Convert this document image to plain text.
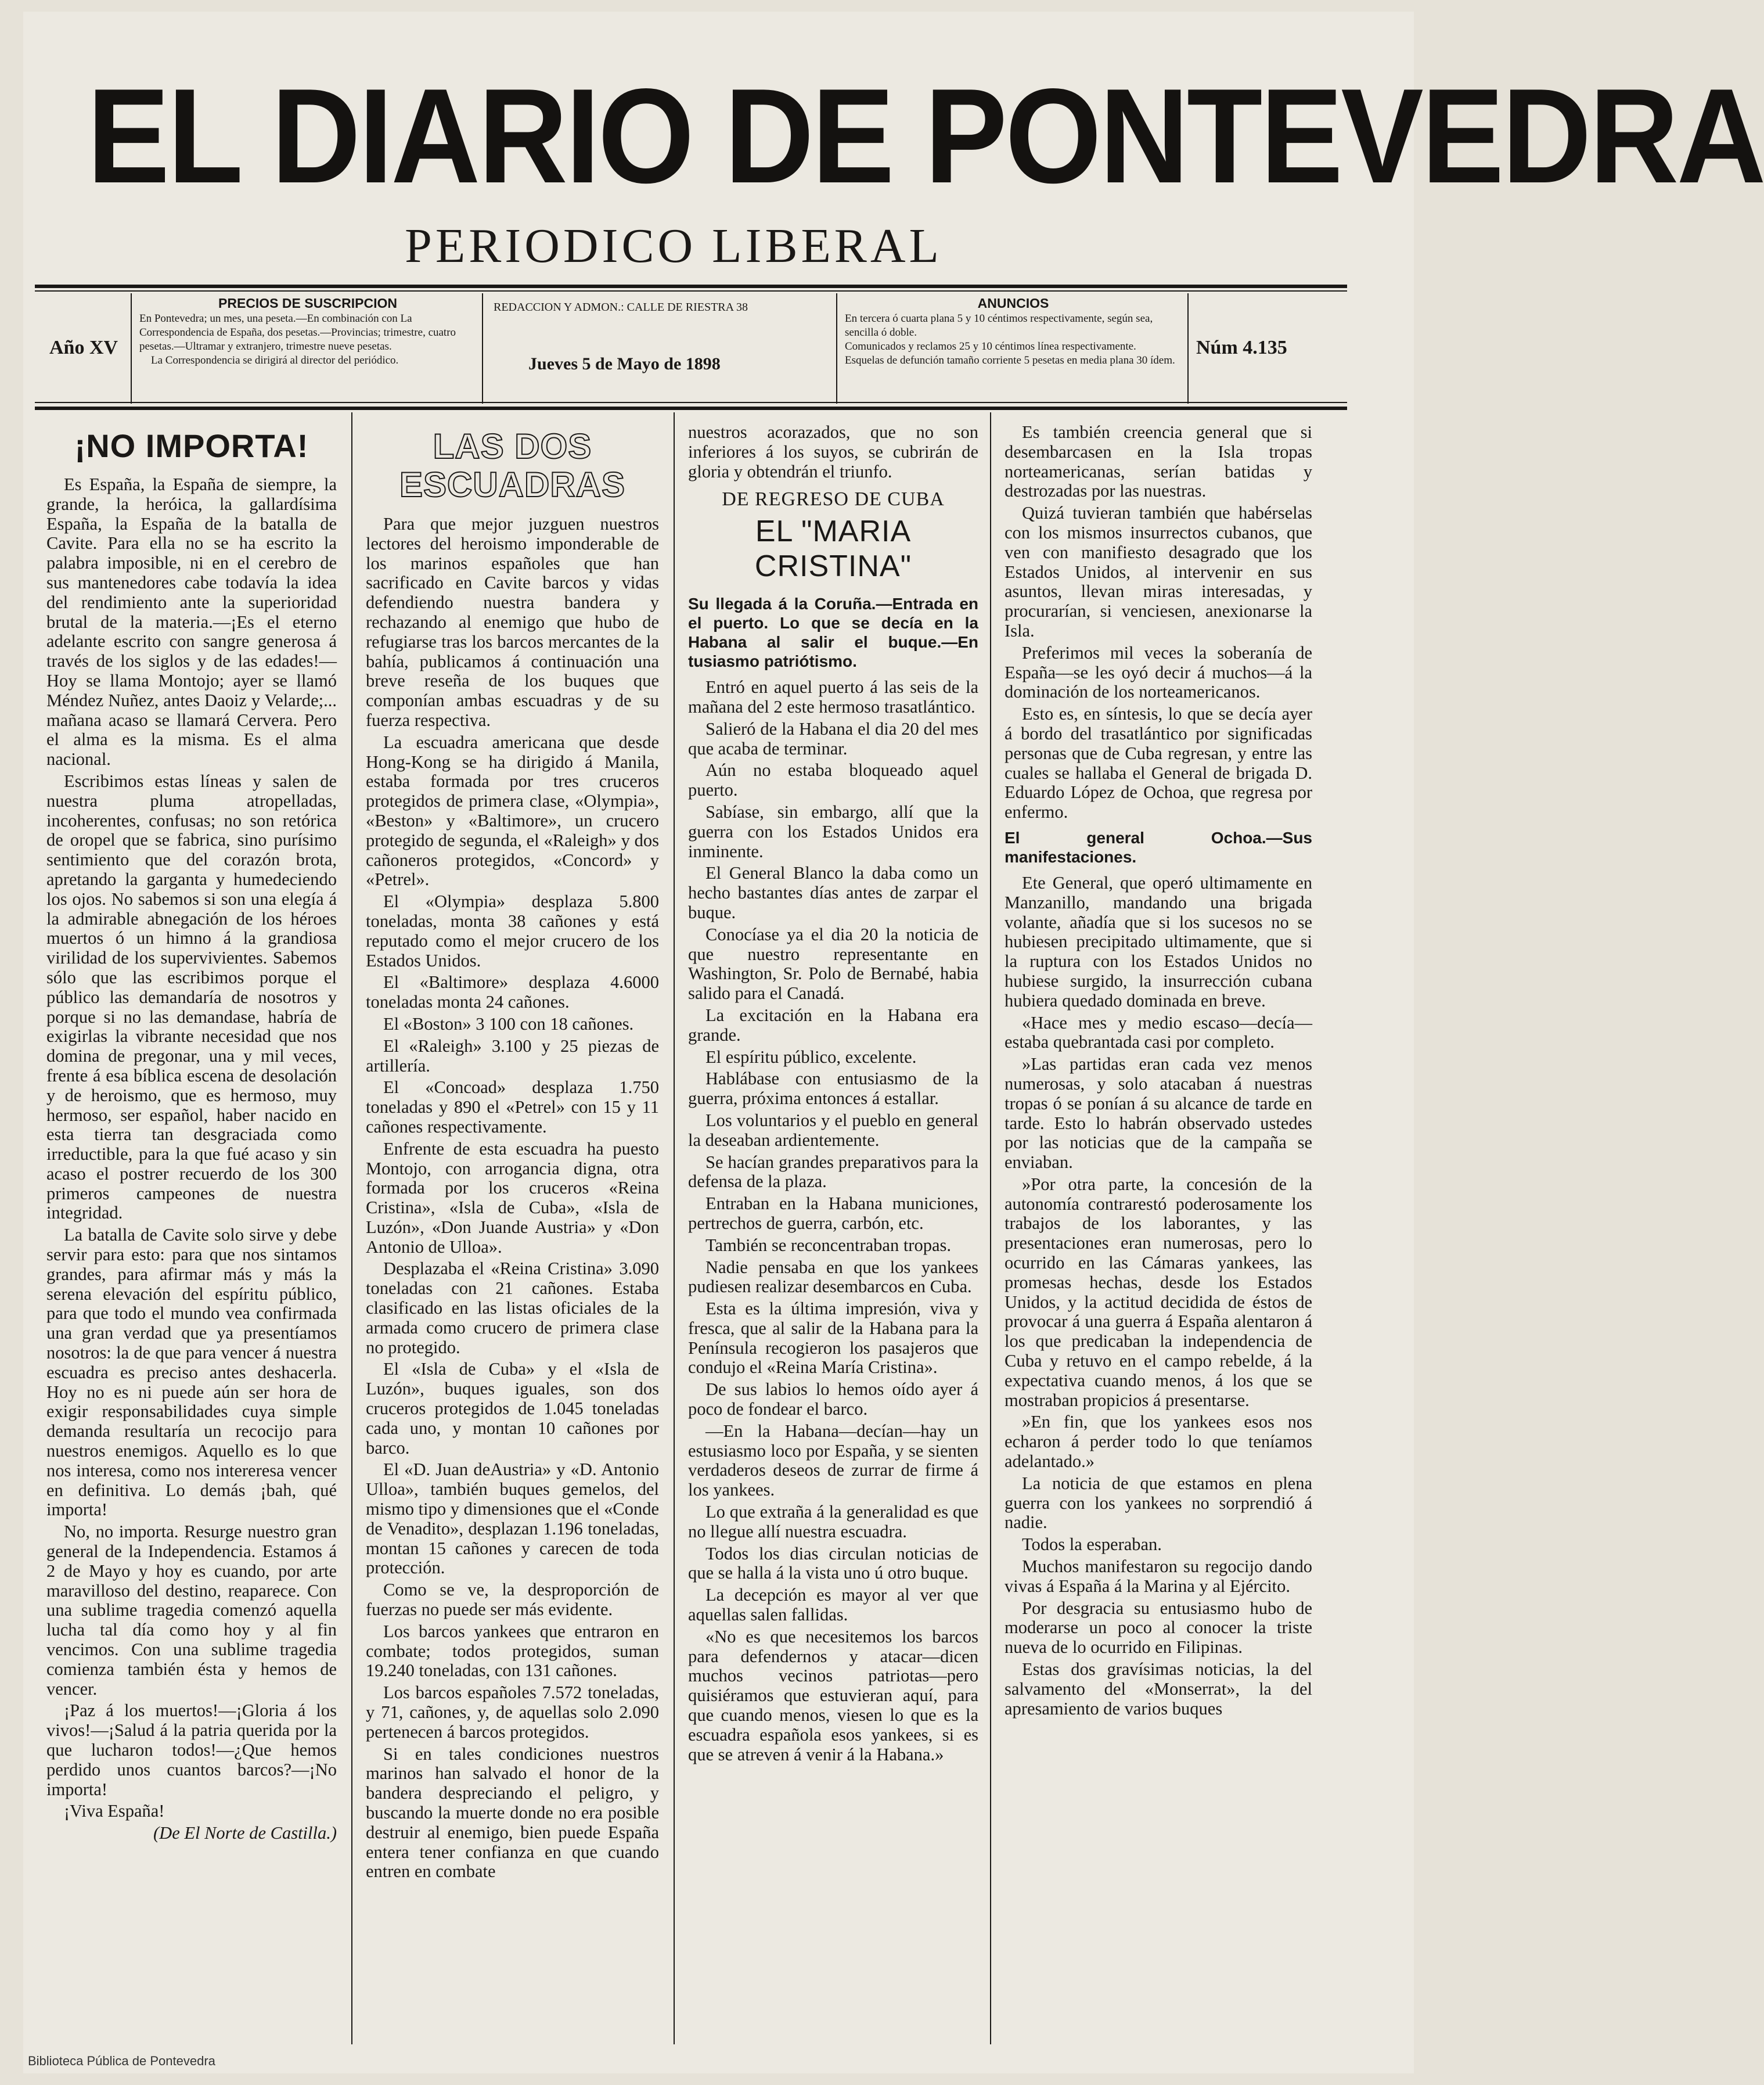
EL DIARIO DE PONTEVEDRA
PERIODICO LIBERAL
Año XV
PRECIOS DE SUSCRIPCION
En Pontevedra; un mes, una peseta.—En combinación con La Correspondencia de España, dos pesetas.—Provincias; trimestre, cuatro pesetas.—Ultramar y extranjero, trimestre nueve pesetas.
La Correspondencia se dirigirá al director del periódico.
REDACCION Y ADMON.: CALLE DE RIESTRA 38
Jueves 5 de Mayo de 1898
ANUNCIOS
En tercera ó cuarta plana 5 y 10 céntimos respectivamente, según sea, sencilla ó doble.
Comunicados y reclamos 25 y 10 céntimos línea respectivamente.
Esquelas de defunción tamaño corriente 5 pesetas en media plana 30 ídem.
Núm 4.135
¡NO IMPORTA!

Es España, la España de siempre, la grande, la heróica, la gallardísima España, la España de la batalla de Cavite. Para ella no se ha escrito la palabra imposible, ni en el cerebro de sus mantenedores cabe todavía la idea del rendimiento ante la superioridad brutal de la materia.—¡Es el eterno adelante escrito con sangre generosa á través de los siglos y de las edades!—Hoy se llama Montojo; ayer se llamó Méndez Nuñez, antes Daoiz y Velarde;... mañana acaso se llamará Cervera. Pero el alma es la misma. Es el alma nacional.

Escribimos estas líneas y salen de nuestra pluma atropelladas, incoherentes, confusas; no son retórica de oropel que se fabrica, sino purísimo sentimiento que del corazón brota, apretando la garganta y humedeciendo los ojos. No sabemos si son una elegía á la admirable abnegación de los héroes muertos ó un himno á la grandiosa virilidad de los supervivientes. Sabemos sólo que las escribimos porque el público las demandaría de nosotros y porque si no las demandase, habría de exigirlas la vibrante necesidad que nos domina de pregonar, una y mil veces, frente á esa bíblica escena de desolación y de heroismo, que es hermoso, muy hermoso, ser español, haber nacido en esta tierra tan desgraciada como irreductible, para la que fué acaso y sin acaso el postrer recuerdo de los 300 primeros campeones de nuestra integridad.

La batalla de Cavite solo sirve y debe servir para esto: para que nos sintamos grandes, para afirmar más y más la serena elevación del espíritu público, para que todo el mundo vea confirmada una gran verdad que ya presentíamos nosotros: la de que para vencer á nuestra escuadra es preciso antes deshacerla. Hoy no es ni puede aún ser hora de exigir responsabilidades cuya simple demanda resultaría un recocijo para nuestros enemigos. Aquello es lo que nos interesa, como nos intereresa vencer en definitiva. Lo demás ¡bah, qué importa!

No, no importa. Resurge nuestro gran general de la Independencia. Estamos á 2 de Mayo y hoy es cuando, por arte maravilloso del destino, reaparece. Con una sublime tragedia comenzó aquella lucha tal día como hoy y al fin vencimos. Con una sublime tragedia comienza también ésta y hemos de vencer.

¡Paz á los muertos!—¡Gloria á los vivos!—¡Salud á la patria querida por la que lucharon todos!—¿Que hemos perdido unos cuantos barcos?—¡No importa!

¡Viva España!

(De El Norte de Castilla.)
LAS DOS ESCUADRAS

Para que mejor juzguen nuestros lectores del heroismo imponderable de los marinos españoles que han sacrificado en Cavite barcos y vidas defendiendo nuestra bandera y rechazando al enemigo que hubo de refugiarse tras los barcos mercantes de la bahía, publicamos á continuación una breve reseña de los buques que componían ambas escuadras y de su fuerza respectiva.

La escuadra americana que desde Hong-Kong se ha dirigido á Manila, estaba formada por tres cruceros protegidos de primera clase, «Olympia», «Beston» y «Baltimore», un crucero protegido de segunda, el «Raleigh» y dos cañoneros protegidos, «Concord» y «Petrel».

El «Olympia» desplaza 5.800 toneladas, monta 38 cañones y está reputado como el mejor crucero de los Estados Unidos.

El «Baltimore» desplaza 4.6000 toneladas monta 24 cañones.

El «Boston» 3 100 con 18 cañones.

El «Raleigh» 3.100 y 25 piezas de artillería.

El «Concoad» desplaza 1.750 toneladas y 890 el «Petrel» con 15 y 11 cañones respectivamente.

Enfrente de esta escuadra ha puesto Montojo, con arrogancia digna, otra formada por los cruceros «Reina Cristina», «Isla de Cuba», «Isla de Luzón», «Don Juande Austria» y «Don Antonio de Ulloa».

Desplazaba el «Reina Cristina» 3.090 toneladas con 21 cañones. Estaba clasificado en las listas oficiales de la armada como crucero de primera clase no protegido.

El «Isla de Cuba» y el «Isla de Luzón», buques iguales, son dos cruceros protegidos de 1.045 toneladas cada uno, y montan 10 cañones por barco.

El «D. Juan deAustria» y «D. Antonio Ulloa», también buques gemelos, del mismo tipo y dimensiones que el «Conde de Venadito», desplazan 1.196 toneladas, montan 15 cañones y carecen de toda protección.

Como se ve, la desproporción de fuerzas no puede ser más evidente.

Los barcos yankees que entraron en combate; todos protegidos, suman 19.240 toneladas, con 131 cañones.

Los barcos españoles 7.572 toneladas, y 71, cañones, y, de aquellas solo 2.090 pertenecen á barcos protegidos.

Si en tales condiciones nuestros marinos han salvado el honor de la bandera despreciando el peligro, y buscando la muerte donde no era posible destruir al enemigo, bien puede España entera tener confianza en que cuando entren en combate

nuestros acorazados, que no son inferiores á los suyos, se cubrirán de gloria y obtendrán el triunfo.

DE REGRESO DE CUBA
EL "MARIA CRISTINA"
Su llegada á la Coruña.—Entrada en el puerto. Lo que se decía en la Habana al salir el buque.—En tusiasmo patriótismo.

Entró en aquel puerto á las seis de la mañana del 2 este hermoso trasatlántico.

Salieró de la Habana el dia 20 del mes que acaba de terminar.

Aún no estaba bloqueado aquel puerto.

Sabíase, sin embargo, allí que la guerra con los Estados Unidos era inminente.

El General Blanco la daba como un hecho bastantes días antes de zarpar el buque.

Conocíase ya el dia 20 la noticia de que nuestro representante en Washington, Sr. Polo de Bernabé, habia salido para el Canadá.

La excitación en la Habana era grande.

El espíritu público, excelente.

Hablábase con entusiasmo de la guerra, próxima entonces á estallar.

Los voluntarios y el pueblo en general la deseaban ardientemente.

Se hacían grandes preparativos para la defensa de la plaza.

Entraban en la Habana municiones, pertrechos de guerra, carbón, etc.

También se reconcentraban tropas.

Nadie pensaba en que los yankees pudiesen realizar desembarcos en Cuba.

Esta es la última impresión, viva y fresca, que al salir de la Habana para la Península recogieron los pasajeros que condujo el «Reina María Cristina».

De sus labios lo hemos oído ayer á poco de fondear el barco.

—En la Habana—decían—hay un estusiasmo loco por España, y se sienten verdaderos deseos de zurrar de firme á los yankees.

Lo que extraña á la generalidad es que no llegue allí nuestra escuadra.

Todos los dias circulan noticias de que se halla á la vista uno ú otro buque.

La decepción es mayor al ver que aquellas salen fallidas.

«No es que necesitemos los barcos para defendernos y atacar—dicen muchos vecinos patriotas—pero quisiéramos que estuvieran aquí, para que cuando menos, viesen lo que es la escuadra española esos yankees, si es que se atreven á venir á la Habana.»

Es también creencia general que si desembarcasen en la Isla tropas norteamericanas, serían batidas y destrozadas por las nuestras.

Quizá tuvieran también que habérselas con los mismos insurrectos cubanos, que ven con manifiesto desagrado que los Estados Unidos, al intervenir en sus asuntos, llevan miras interesadas, y procurarían, si venciesen, anexionarse la Isla.

Preferimos mil veces la soberanía de España—se les oyó decir á muchos—á la dominación de los norteamericanos.

Esto es, en síntesis, lo que se decía ayer á bordo del trasatlántico por significadas personas que de Cuba regresan, y entre las cuales se hallaba el General de brigada D. Eduardo López de Ochoa, que regresa por enfermo.

El general Ochoa.—Sus manifestaciones.

Ete General, que operó ultimamente en Manzanillo, mandando una brigada volante, añadía que si los sucesos no se hubiesen precipitado ultimamente, que si la ruptura con los Estados Unidos no hubiese surgido, la insurrección cubana hubiera quedado dominada en breve.

«Hace mes y medio escaso—decía—estaba quebrantada casi por completo.

»Las partidas eran cada vez menos numerosas, y solo atacaban á nuestras tropas ó se ponían á su alcance de tarde en tarde. Esto lo habrán observado ustedes por las noticias que de la campaña se enviaban.

»Por otra parte, la concesión de la autonomía contrarestó poderosamente los trabajos de los laborantes, y las presentaciones eran numerosas, pero lo ocurrido en las Cámaras yankees, las promesas hechas, desde los Estados Unidos, y la actitud decidida de éstos de provocar á una guerra á España alentaron á los que predicaban la independencia de Cuba y retuvo en el campo rebelde, á la expectativa cuando menos, á los que se mostraban propicios á presentarse.

»En fin, que los yankees esos nos echaron á perder todo lo que teníamos adelantado.»

La noticia de que estamos en plena guerra con los yankees no sorprendió á nadie.

Todos la esperaban.

Muchos manifestaron su regocijo dando vivas á España á la Marina y al Ejército.

Por desgracia su entusiasmo hubo de moderarse un poco al conocer la triste nueva de lo ocurrido en Filipinas.

Estas dos gravísimas noticias, la del salvamento del «Monserrat», la del apresamiento de varios buques

Biblioteca Pública de Pontevedra
